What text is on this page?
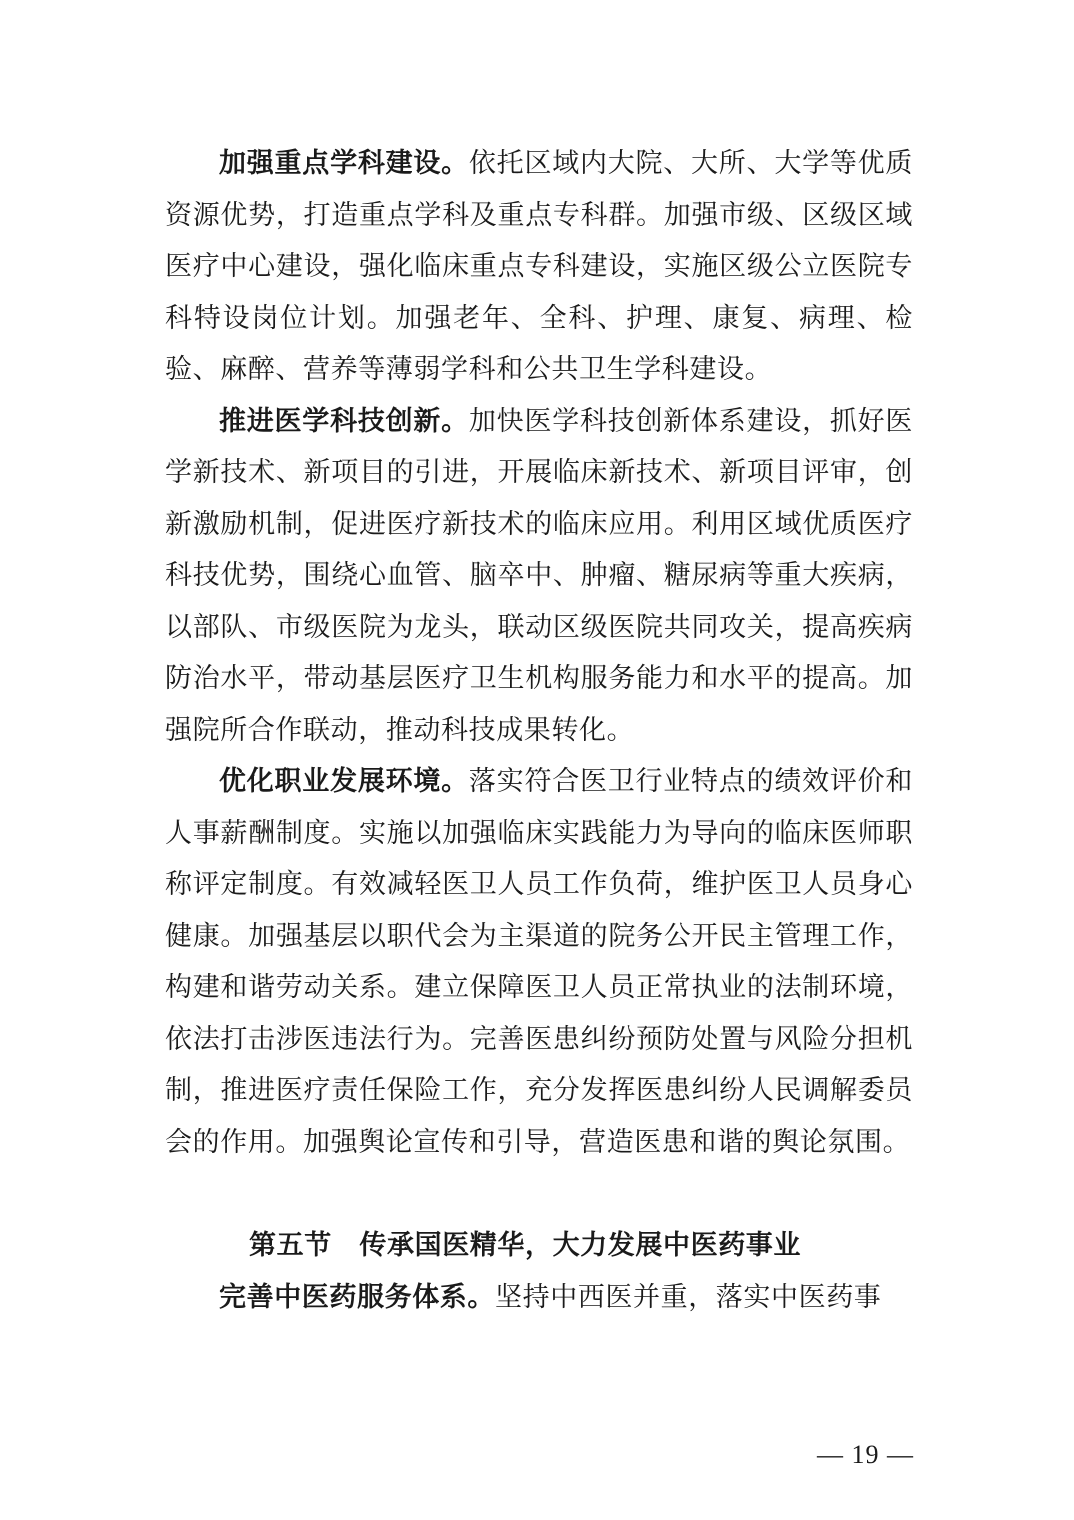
加强重点学科建设。依托区域内大院、大所、大学等优质资源优势，打造重点学科及重点专科群。加强市级、区级区域医疗中心建设，强化临床重点专科建设，实施区级公立医院专科特设岗位计划。加强老年、全科、护理、康复、病理、检验、麻醉、营养等薄弱学科和公共卫生学科建设。

推进医学科技创新。加快医学科技创新体系建设，抓好医学新技术、新项目的引进，开展临床新技术、新项目评审，创新激励机制，促进医疗新技术的临床应用。利用区域优质医疗科技优势，围绕心血管、脑卒中、肿瘤、糖尿病等重大疾病，以部队、市级医院为龙头，联动区级医院共同攻关，提高疾病防治水平，带动基层医疗卫生机构服务能力和水平的提高。加强院所合作联动，推动科技成果转化。

优化职业发展环境。落实符合医卫行业特点的绩效评价和人事薪酬制度。实施以加强临床实践能力为导向的临床医师职称评定制度。有效减轻医卫人员工作负荷，维护医卫人员身心健康。加强基层以职代会为主渠道的院务公开民主管理工作，构建和谐劳动关系。建立保障医卫人员正常执业的法制环境，依法打击涉医违法行为。完善医患纠纷预防处置与风险分担机制，推进医疗责任保险工作，充分发挥医患纠纷人民调解委员会的作用。加强舆论宣传和引导，营造医患和谐的舆论氛围。

第五节　传承国医精华，大力发展中医药事业

完善中医药服务体系。坚持中西医并重，落实中医药事

— 19 —
